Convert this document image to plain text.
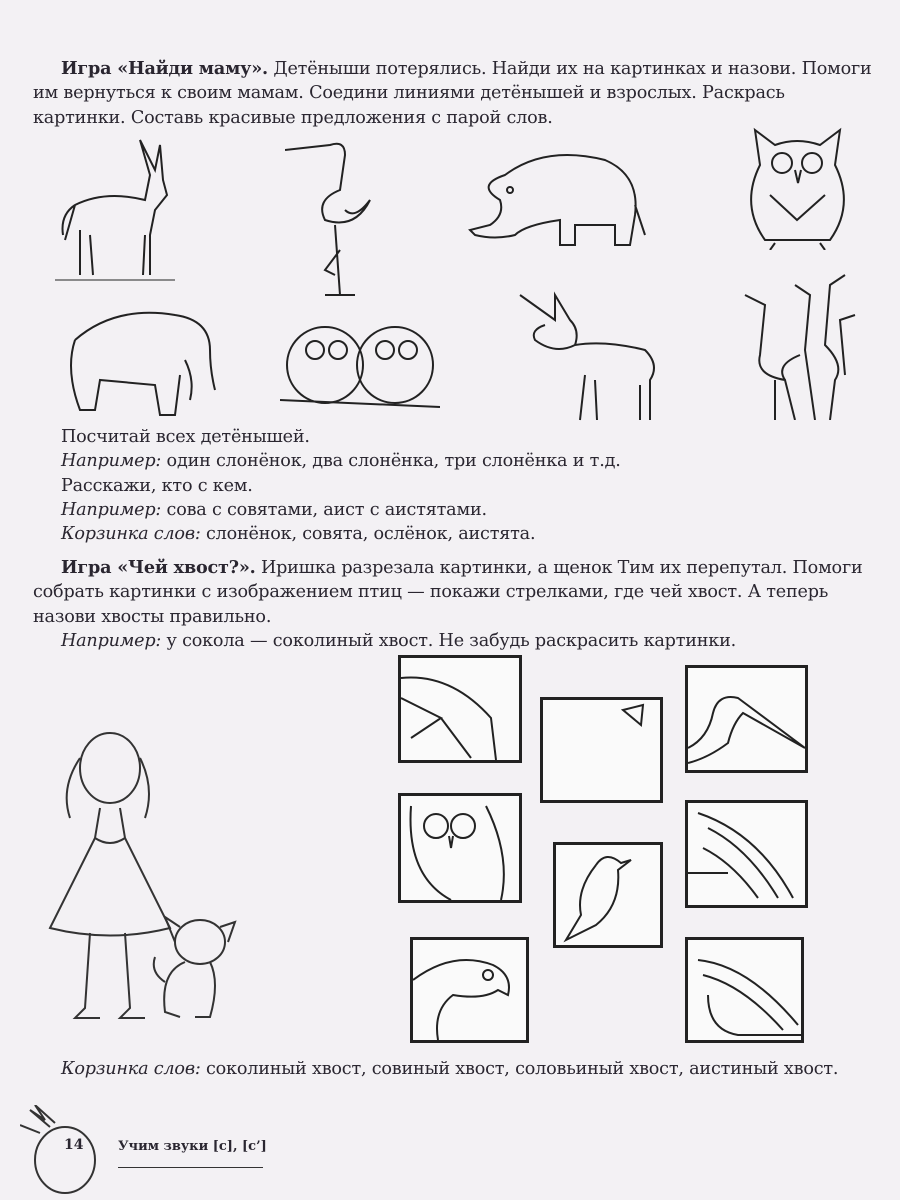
Игра «Найди маму». Детёныши потерялись. Найди их на картинках и назови. Помоги им вернуться к своим мамам. Соедини линиями детёнышей и взрослых. Раскрась картинки. Составь красивые предложения с парой слов.

Посчитай всех детёнышей.
Например: один слонёнок, два слонёнка, три слонёнка и т.д.
Расскажи, кто с кем.
Например: сова с совятами, аист с аистятами.
Корзинка слов: слонёнок, совята, ослёнок, аистята.

Игра «Чей хвост?». Иришка разрезала картинки, а щенок Тим их перепутал. Помоги собрать картинки с изображением птиц — покажи стрелками, где чей хвост. А теперь назови хвосты правильно.
Например: у сокола — соколиный хвост. Не забудь раскрасить картинки.

Корзинка слов: соколиный хвост, совиный хвост, соловьиный хвост, аистиный хвост.

14	Учим звуки [с], [с’]
